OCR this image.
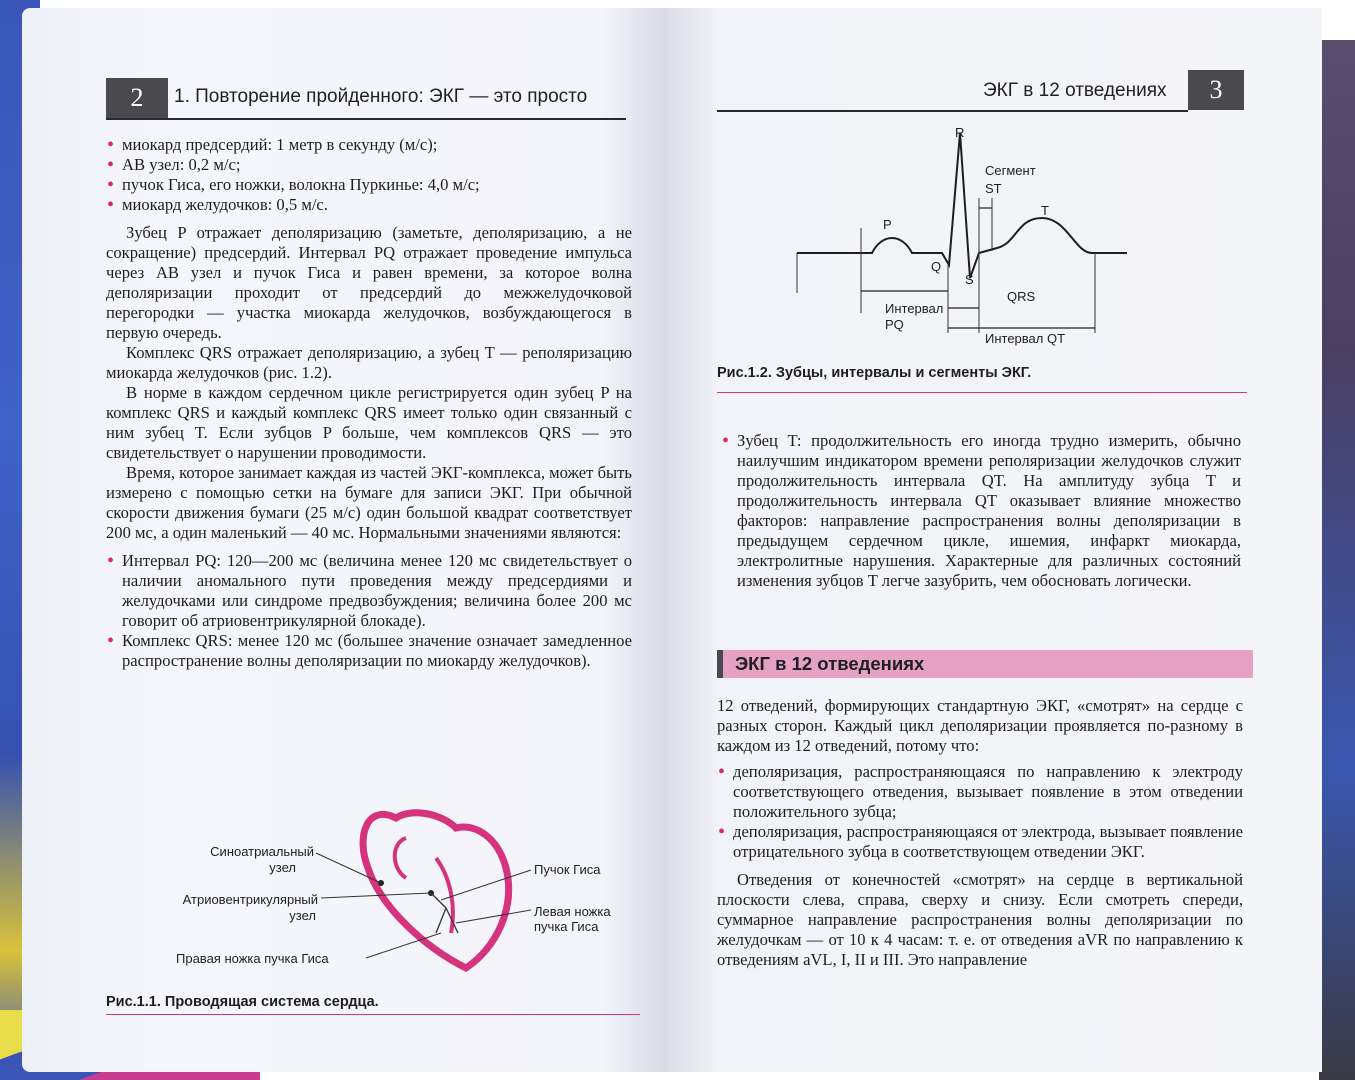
2	1. Повторение пройденного: ЭКГ — это просто
• миокард предсердий: 1 метр в секунду (м/с);
• АВ узел: 0,2 м/с;
• пучок Гиса, его ножки, волокна Пуркинье: 4,0 м/с;
• миокард желудочков: 0,5 м/с.

Зубец P отражает деполяризацию (заметьте, деполяризацию, а не сокращение) предсердий. Интервал PQ отражает проведение импульса через АВ узел и пучок Гиса и равен времени, за которое волна деполяризации проходит от предсердий до межжелудочковой перегородки — участка миокарда желудочков, возбуждающегося в первую очередь.

Комплекс QRS отражает деполяризацию, а зубец T — реполяризацию миокарда желудочков (рис. 1.2).

В норме в каждом сердечном цикле регистрируется один зубец P на комплекс QRS и каждый комплекс QRS имеет только один связанный с ним зубец T. Если зубцов P больше, чем комплексов QRS — это свидетельствует о нарушении проводимости.

Время, которое занимает каждая из частей ЭКГ-комплекса, может быть измерено с помощью сетки на бумаге для записи ЭКГ. При обычной скорости движения бумаги (25 м/с) один большой квадрат соответствует 200 мс, а один маленький — 40 мс. Нормальными значениями являются:

• Интервал PQ: 120—200 мс (величина менее 120 мс свидетельствует о наличии аномального пути проведения между предсердиями и желудочками или синдроме предвозбуждения; величина более 200 мс говорит об атриовентрикулярной блокаде).
• Комплекс QRS: менее 120 мс (большее значение означает замедленное распространение волны деполяризации по миокарду желудочков).
Синоатриальный
узел
Атриовентрикулярный
узел
Пучок Гиса
Левая ножка
пучка Гиса
Правая ножка пучка Гиса
Рис.1.1. Проводящая система сердца.
ЭКГ в 12 отведениях	3
R
P
Q
S
T
Сегмент
ST
QRS
Интервал
PQ
Интервал QT
Рис.1.2. Зубцы, интервалы и сегменты ЭКГ.
• Зубец T: продолжительность его иногда трудно измерить, обычно наилучшим индикатором времени реполяризации желудочков служит продолжительность интервала QT. На амплитуду зубца T и продолжительность интервала QT оказывает влияние множество факторов: направление распространения волны деполяризации в предыдущем сердечном цикле, ишемия, инфаркт миокарда, электролитные нарушения. Характерные для различных состояний изменения зубцов T легче зазубрить, чем обосновать логически.
ЭКГ в 12 отведениях

12 отведений, формирующих стандартную ЭКГ, «смотрят» на сердце с разных сторон. Каждый цикл деполяризации проявляется по-разному в каждом из 12 отведений, потому что:

• деполяризация, распространяющаяся по направлению к электроду соответствующего отведения, вызывает появление в этом отведении положительного зубца;
• деполяризация, распространяющаяся от электрода, вызывает появление отрицательного зубца в соответствующем отведении ЭКГ.

Отведения от конечностей «смотрят» на сердце в вертикальной плоскости слева, справа, сверху и снизу. Если смотреть спереди, суммарное направление распространения волны деполяризации по желудочкам — от 10 к 4 часам: т. е. от отведения aVR по направлению к отведениям aVL, I, II и III. Это направление
